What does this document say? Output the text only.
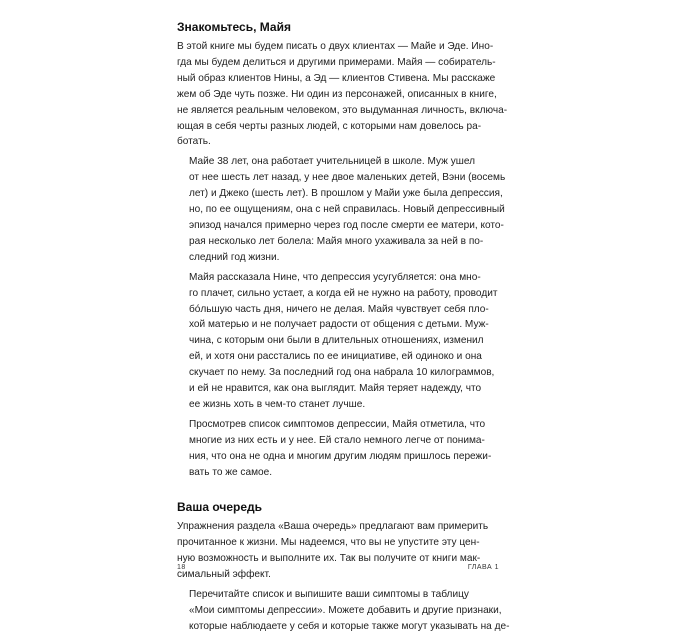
Знакомьтесь, Майя

В этой книге мы будем писать о двух клиентах — Майе и Эде. Ино-
гда мы будем делиться и другими примерами. Майя — собиратель-
ный образ клиентов Нины, а Эд — клиентов Стивена. Мы расскаже
жем об Эде чуть позже. Ни один из персонажей, описанных в книге,
не является реальным человеком, это выдуманная личность, включа-
ющая в себя черты разных людей, с которыми нам довелось ра-
ботать.

Майе 38 лет, она работает учительницей в школе. Муж ушел
от нее шесть лет назад, у нее двое маленьких детей, Вэни (восемь
лет) и Джеко (шесть лет). В прошлом у Майи уже была депрессия,
но, по ее ощущениям, она с ней справилась. Новый депрессивный
эпизод начался примерно через год после смерти ее матери, кото-
рая несколько лет болела: Майя много ухаживала за ней в по-
следний год жизни.

Майя рассказала Нине, что депрессия усугубляется: она мно-
го плачет, сильно устает, а когда ей не нужно на работу, проводит
бо́льшую часть дня, ничего не делая. Майя чувствует себя пло-
хой матерью и не получает радости от общения с детьми. Муж-
чина, с которым они были в длительных отношениях, изменил
ей, и хотя они расстались по ее инициативе, ей одиноко и она
скучает по нему. За последний год она набрала 10 килограммов,
и ей не нравится, как она выглядит. Майя теряет надежду, что
ее жизнь хоть в чем-то станет лучше.

Просмотрев список симптомов депрессии, Майя отметила, что
многие из них есть и у нее. Ей стало немного легче от понима-
ния, что она не одна и многим другим людям пришлось пережи-
вать то же самое.

Ваша очередь

Упражнения раздела «Ваша очередь» предлагают вам примерить
прочитанное к жизни. Мы надеемся, что вы не упустите эту цен-
ную возможность и выполните их. Так вы получите от книги мак-
симальный эффект.

Перечитайте список и выпишите ваши симптомы в таблицу
«Мои симптомы депрессии». Можете добавить и другие признаки,
которые наблюдаете у себя и которые также могут указывать на де-

18	ГЛАВА 1
